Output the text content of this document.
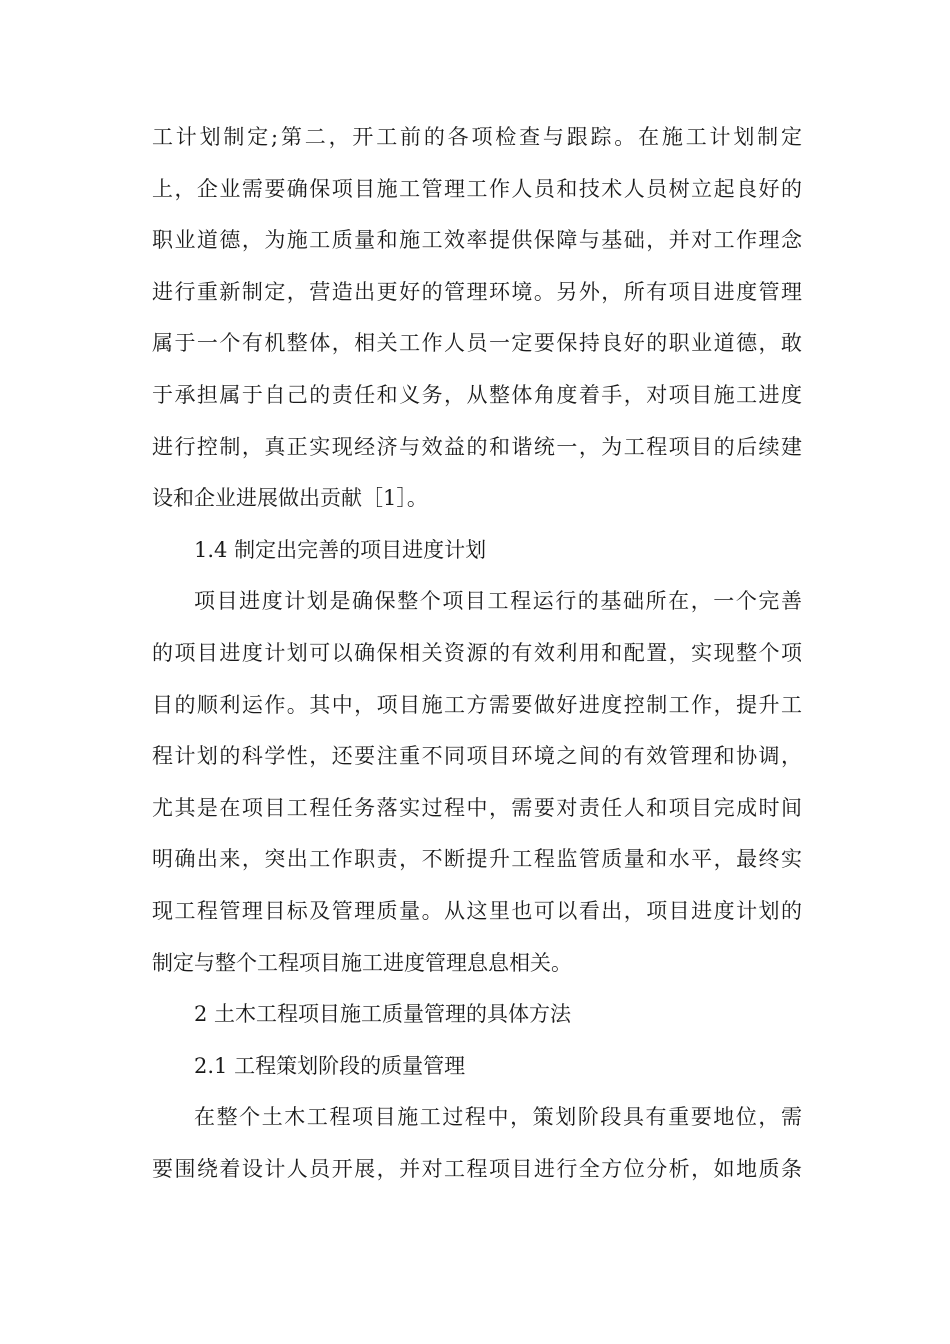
工计划制定;第二，开工前的各项检查与跟踪。在施工计划制定
上，企业需要确保项目施工管理工作人员和技术人员树立起良好的
职业道德，为施工质量和施工效率提供保障与基础，并对工作理念
进行重新制定，营造出更好的管理环境。另外，所有项目进度管理
属于一个有机整体，相关工作人员一定要保持良好的职业道德，敢
于承担属于自己的责任和义务，从整体角度着手，对项目施工进度
进行控制，真正实现经济与效益的和谐统一，为工程项目的后续建
设和企业进展做出贡献［1］。
1.4 制定出完善的项目进度计划
项目进度计划是确保整个项目工程运行的基础所在，一个完善
的项目进度计划可以确保相关资源的有效利用和配置，实现整个项
目的顺利运作。其中，项目施工方需要做好进度控制工作，提升工
程计划的科学性，还要注重不同项目环境之间的有效管理和协调，
尤其是在项目工程任务落实过程中，需要对责任人和项目完成时间
明确出来，突出工作职责，不断提升工程监管质量和水平，最终实
现工程管理目标及管理质量。从这里也可以看出，项目进度计划的
制定与整个工程项目施工进度管理息息相关。
2 土木工程项目施工质量管理的具体方法
2.1 工程策划阶段的质量管理
在整个土木工程项目施工过程中，策划阶段具有重要地位，需
要围绕着设计人员开展，并对工程项目进行全方位分析，如地质条
